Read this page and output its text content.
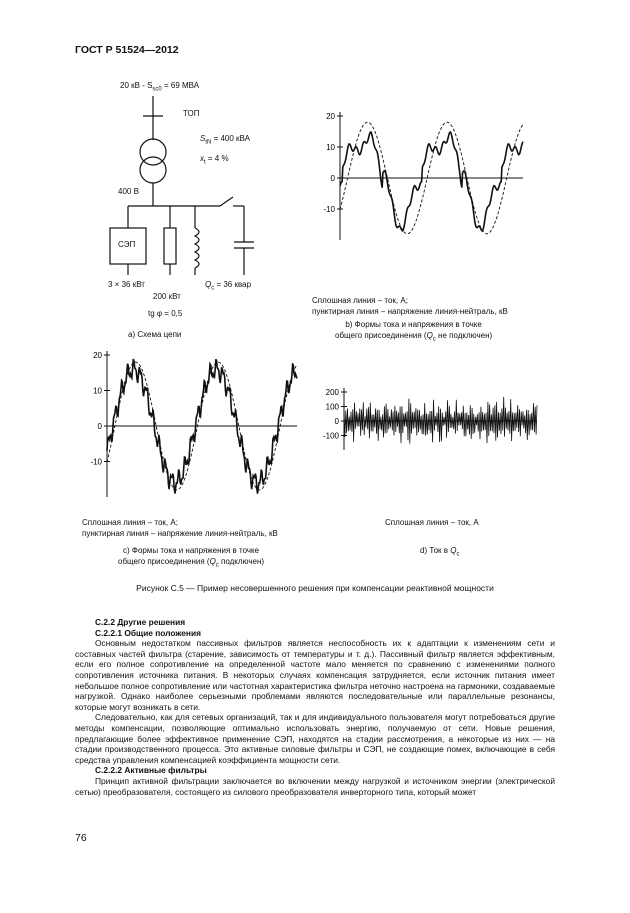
ГОСТ Р 51524—2012
20 кВ - $S_{sc0} = 69$ МВА
ТОП
$S_{tN} = 400$ кВА
$x_t = 4$ %
400 В
СЭП
3 × 36 кВт
200 кВт
$Q_c = 36$ квар
tg φ = 0,5
а) Схема цепи
20
10
0
-10
Сплошная линия – ток, А;
пунктирная линия – напряжение линия-нейтраль, кВ
b) Формы тока и напряжения в точке
общего присоединения ($Q_c$ не подключен)
20
10
0
-10
Сплошная линия – ток, А;
пунктирная линия – напряжение линия-нейтраль, кВ
c) Формы тока и напряжения в точке
общего присоединения ($Q_c$ подключен)
200
100
0
-100
Сплошная линия – ток, А
d) Ток в $Q_c$
Рисунок С.5 — Пример несовершенного решения при компенсации реактивной мощности
С.2.2 Другие решения
С.2.2.1 Общие положения

Основным недостатком пассивных фильтров является неспособность их к адаптации к изменениям сети и составных частей фильтра (старение, зависимость от температуры и т. д.). Пассивный фильтр является эффективным, если его полное сопротивление на определенной частоте мало меняется по сравнению с изменениями полного сопротивления источника питания. В некоторых случаях компенсация затрудняется, если источник питания имеет небольшое полное сопротивление или частотная характеристика фильтра неточно настроена на гармоники, создаваемые нагрузкой. Однако наиболее серьезными проблемами являются последовательные или параллельные резонансы, которые могут возникать в сети.

Следовательно, как для сетевых организаций, так и для индивидуального пользователя могут потребоваться другие методы компенсации, позволяющие оптимально использовать энергию, получаемую от сети. Новые решения, предлагающие более эффективное применение СЭП, находятся на стадии рассмотрения, а некоторые из них — на стадии производственного процесса. Это активные силовые фильтры и СЭП, не создающие помех, включающие в себя средства управления компенсацией коэффициента мощности сети.

С.2.2.2 Активные фильтры

Принцип активной фильтрации заключается во включении между нагрузкой и источником энергии (электрической сетью) преобразователя, состоящего из силового преобразователя инверторного типа, который может

76
